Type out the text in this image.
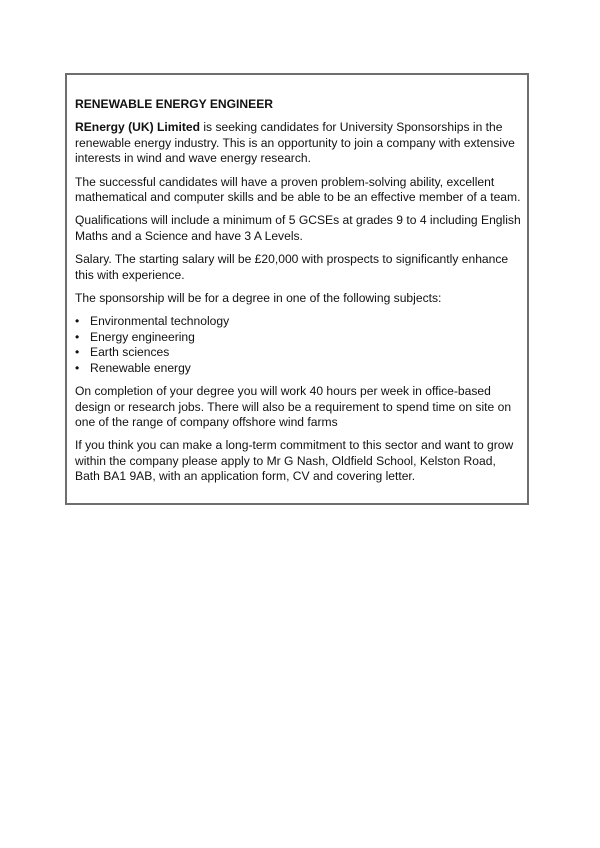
RENEWABLE ENERGY ENGINEER

REnergy (UK) Limited is seeking candidates for University Sponsorships in the renewable energy industry. This is an opportunity to join a company with extensive interests in wind and wave energy research.

The successful candidates will have a proven problem-solving ability, excellent mathematical and computer skills and be able to be an effective member of a team.

Qualifications will include a minimum of 5 GCSEs at grades 9 to 4 including English Maths and a Science and have 3 A Levels.

Salary. The starting salary will be £20,000 with prospects to significantly enhance this with experience.

The sponsorship will be for a degree in one of the following subjects:

• Environmental technology
• Energy engineering
• Earth sciences
• Renewable energy

On completion of your degree you will work 40 hours per week in office-based design or research jobs. There will also be a requirement to spend time on site on one of the range of company offshore wind farms

If you think you can make a long-term commitment to this sector and want to grow within the company please apply to Mr G Nash, Oldfield School, Kelston Road, Bath BA1 9AB, with an application form, CV and covering letter.
